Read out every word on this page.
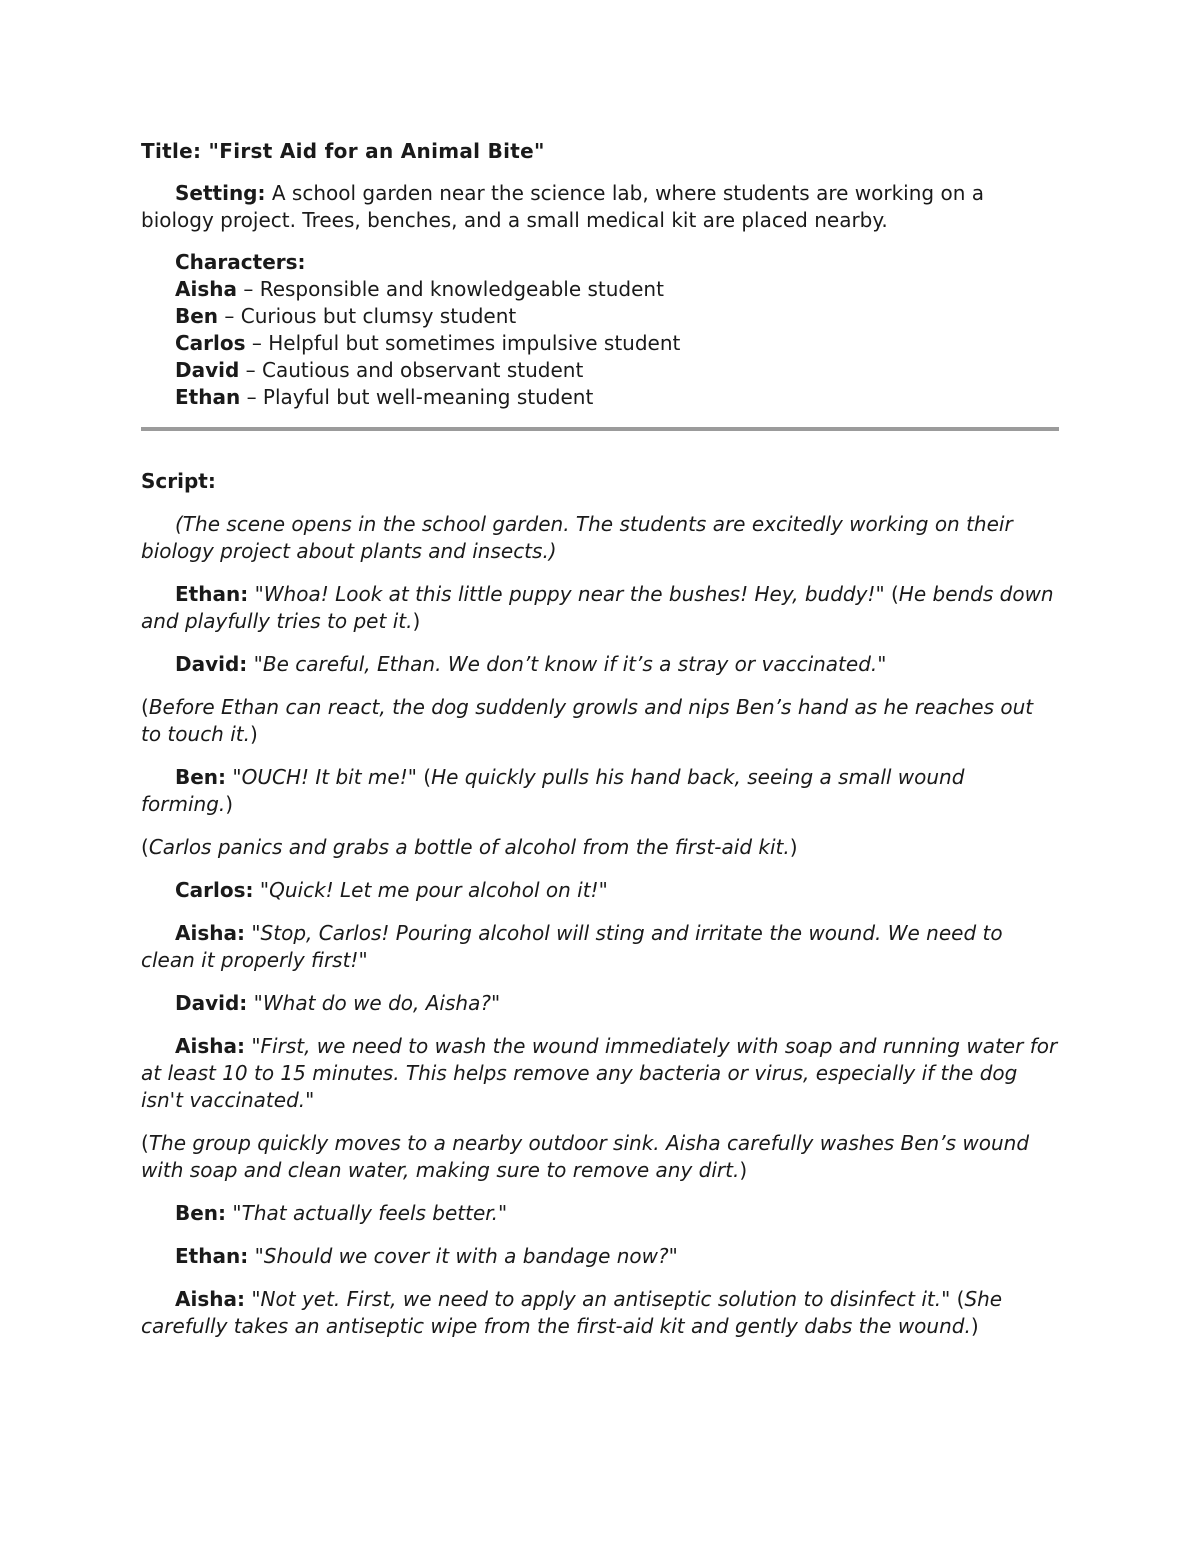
Title: "First Aid for an Animal Bite"

Setting: A school garden near the science lab, where students are working on a biology project. Trees, benches, and a small medical kit are placed nearby.

Characters:
Aisha – Responsible and knowledgeable student
Ben – Curious but clumsy student
Carlos – Helpful but sometimes impulsive student
David – Cautious and observant student
Ethan – Playful but well-meaning student

Script:

(The scene opens in the school garden. The students are excitedly working on their biology project about plants and insects.)

Ethan: "Whoa! Look at this little puppy near the bushes! Hey, buddy!" (He bends down and playfully tries to pet it.)

David: "Be careful, Ethan. We don’t know if it’s a stray or vaccinated."

(Before Ethan can react, the dog suddenly growls and nips Ben’s hand as he reaches out to touch it.)

Ben: "OUCH! It bit me!" (He quickly pulls his hand back, seeing a small wound forming.)

(Carlos panics and grabs a bottle of alcohol from the first-aid kit.)

Carlos: "Quick! Let me pour alcohol on it!"

Aisha: "Stop, Carlos! Pouring alcohol will sting and irritate the wound. We need to clean it properly first!"

David: "What do we do, Aisha?"

Aisha: "First, we need to wash the wound immediately with soap and running water for at least 10 to 15 minutes. This helps remove any bacteria or virus, especially if the dog isn't vaccinated."

(The group quickly moves to a nearby outdoor sink. Aisha carefully washes Ben’s wound with soap and clean water, making sure to remove any dirt.)

Ben: "That actually feels better."

Ethan: "Should we cover it with a bandage now?"

Aisha: "Not yet. First, we need to apply an antiseptic solution to disinfect it." (She carefully takes an antiseptic wipe from the first-aid kit and gently dabs the wound.)
